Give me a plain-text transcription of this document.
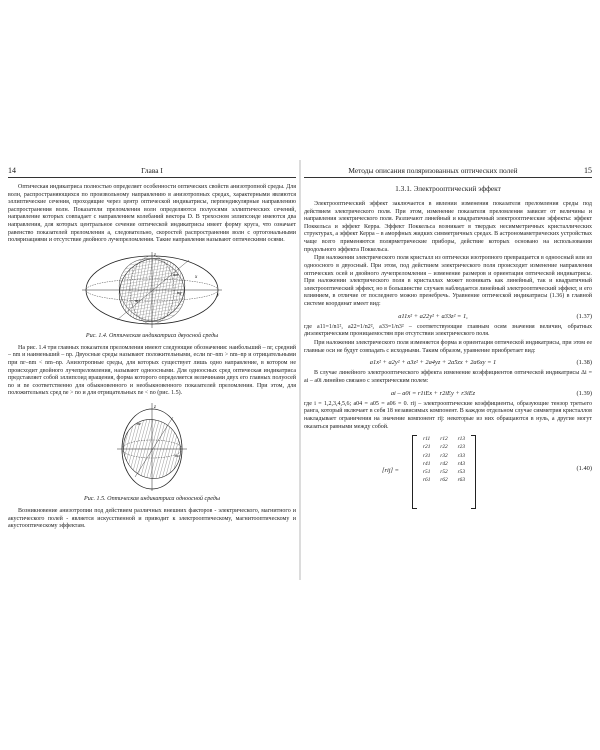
14	Глава I

Оптическая индикатриса полностью определяет особенности оптических свойств анизотропной среды. Для волн, распространяющихся по произвольному направлению в анизотропных средах, характерными являются эллиптические сечения, проходящие через центр оптической индикатрисы, перпендикулярные направлению распространения волн. Показатели преломления волн определяются полуосями эллиптических сечений, направление которых совпадает с направлением колебаний вектора D. В трехосном эллипсоиде имеются два направления, для которых центральное сечение оптической индикатрисы имеет форму круга, что означает равенство показателей преломления а, следовательно, скоростей распространения волн с ортогональными поляризациями и отсутствие двойного лучепреломления. Такие направления называют оптическими осями.

z
x
y
nm
np
ng
Рис. 1.4. Оптическая индикатриса двуосной среды

На рис. 1.4 три главных показателя преломления имеют следующие обозначения: наибольший – nг, средний – nm и наименьший – nр. Двуосные среды называют положительными, если nг–nm > nm–nр и отрицательными при nг–nm < nm–nр. Анизотропные среды, для которых существует лишь одно направление, в котором не происходит двойного лучепреломления, называют одноосными. Для одноосных сред оптическая индикатриса представляет собой эллипсоид вращения, форма которого определяется величинами двух его главных полуосей no и ne соответственно для обыкновенного и необыкновенного показателей преломления. При этом, для положительных сред ne > no и для отрицательных ne < no (рис. 1.5).

z
ne
no
Рис. 1.5. Оптическая индикатриса одноосной среды

Возникновение анизотропии под действием различных внешних факторов - электрического, магнитного и акустического полей - является искусственной и приводит к электрооптическому, магнитооптическому и акустооптическому эффектам.

Методы описания поляризованных оптических полей	15
1.3.1. Электрооптический эффект

Электрооптический эффект заключается в явлении изменения показателя преломления среды под действием электрического поля. При этом, изменение показателя преломления зависит от величины и направления электрического поля. Различают линейный и квадратичный электрооптические эффекты: эффект Поккельса и эффект Керра. Эффект Поккельса возникает в твердых несимметричных кристаллических структурах, а эффект Керра – в аморфных жидких симметричных средах. В астрономаметрических устройствах чаще всего применяются полярметрические приборы, действие которых основано на использовании продольного эффекта Поккельса.

При наложении электрического поля кристалл из оптически изотропного превращается в одноосный или из одноосного в двуосный. При этом, под действием электрического поля происходит изменение направления оптических осей и двойного лучепреломления – изменение размеров и ориентация оптической индикатрисы. При наложении электрического поля в кристаллах может возникать как линейный, так и квадратичный электрооптический эффект, но в большинстве случаев наблюдается линейный электрооптический эффект, и его влиянием, в отличие от последнего можно пренебречь. Уравнение оптической индикатрисы (1.36) в главной системе координат имеет вид:

a11x² + a22y² + a33z² = 1,	(1.37)

где a11=1/n1², a22=1/n2², a33=1/n3² – соответствующие главным осям значения величин, обратных диэлектрическим проницаемостям при отсутствии электрического поля.

При наложении электрического поля изменяется форма и ориентация оптической индикатрисы, при этом ее главные оси не будут совпадать с исходными. Таким образом, уравнение приобретает вид:

a1x² + a2y² + a3z² + 2a4yz + 2a5zx + 2a6xy = 1	(1.38)

В случае линейного электрооптического эффекта изменение коэффициентов оптической индикатрисы Δi = ai – a0i линейно связано с электрическим полем:

ai – a0i = r1iEx + r2iEy + r3iEz	(1.39)

где i = 1,2,3,4,5,6; a04 = a05 = a06 = 0. rij – электрооптические коэффициенты, образующие тензор третьего ранга, который включает в себя 18 независимых компонент. В каждом отдельном случае симметрия кристаллов накладывает ограничения на значение компонент rij: некоторые из них обращаются в нуль, а другие могут оказаться равными между собой.

[rij] =
r11	r12	r13
r21	r22	r23
r31	r32	r33
r41	r42	r43
r51	r52	r53
r61	r62	r63
(1.40)
